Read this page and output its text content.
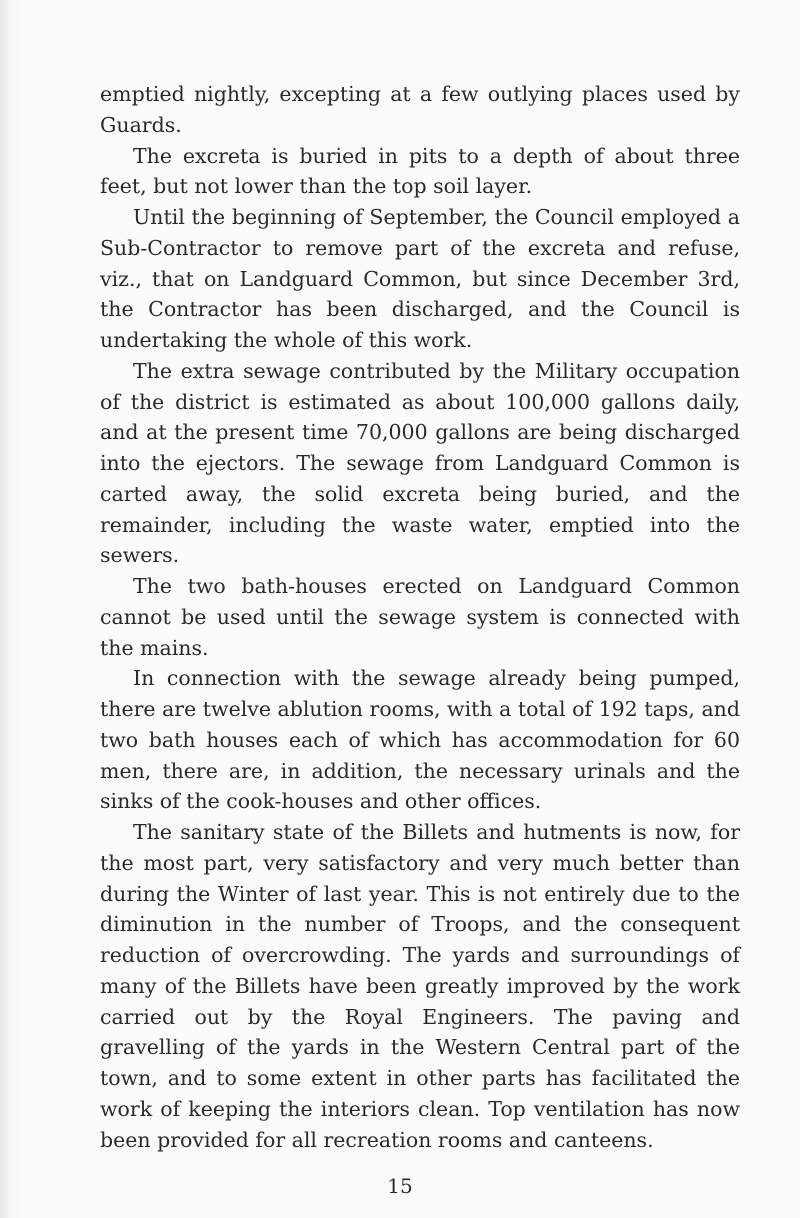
emptied nightly, excepting at a few outlying places used by Guards.

The excreta is buried in pits to a depth of about three feet, but not lower than the top soil layer.

Until the beginning of September, the Council employed a Sub-Contractor to remove part of the excreta and refuse, viz., that on Landguard Common, but since December 3rd, the Contractor has been discharged, and the Council is undertaking the whole of this work.

The extra sewage contributed by the Military occupation of the district is estimated as about 100,000 gallons daily, and at the present time 70,000 gallons are being discharged into the ejectors. The sewage from Landguard Common is carted away, the solid excreta being buried, and the remainder, including the waste water, emptied into the sewers.

The two bath-houses erected on Landguard Common cannot be used until the sewage system is connected with the mains.

In connection with the sewage already being pumped, there are twelve ablution rooms, with a total of 192 taps, and two bath houses each of which has accommodation for 60 men, there are, in addition, the necessary urinals and the sinks of the cook-houses and other offices.

The sanitary state of the Billets and hutments is now, for the most part, very satisfactory and very much better than during the Winter of last year. This is not entirely due to the diminution in the number of Troops, and the consequent reduction of overcrowding. The yards and surroundings of many of the Billets have been greatly improved by the work carried out by the Royal Engineers. The paving and gravelling of the yards in the Western Central part of the town, and to some extent in other parts has facilitated the work of keeping the interiors clean. Top ventilation has now been provided for all recreation rooms and canteens.

15
